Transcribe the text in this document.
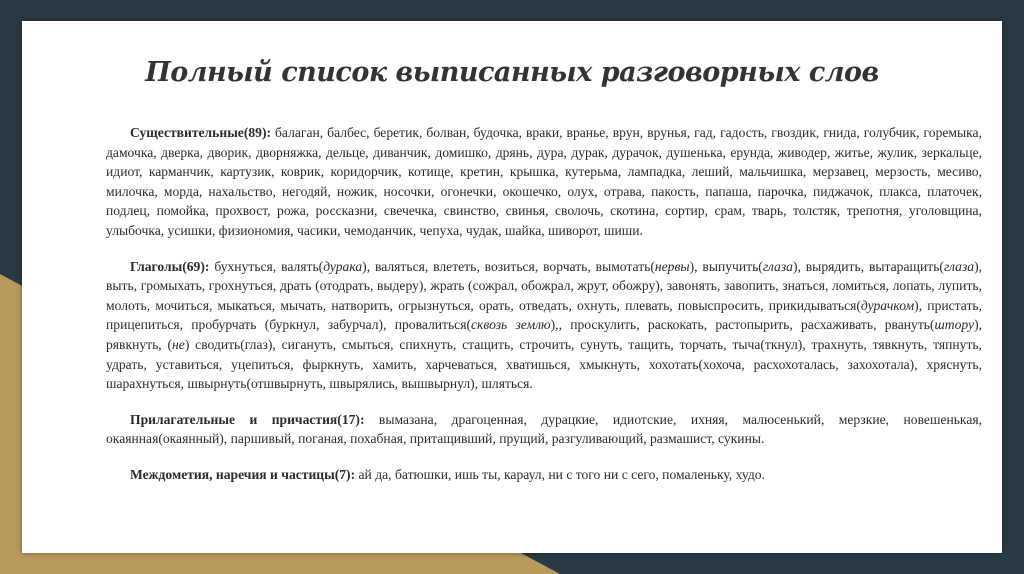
Полный список выписанных разговорных слов

Существительные(89): балаган, балбес, беретик, болван, будочка, враки, вранье, врун, врунья, гад, гадость, гвоздик, гнида, голубчик, горемыка, дамочка, дверка, дворик, дворняжка, дельце, диванчик, домишко, дрянь, дура, дурак, дурачок, душенька, ерунда, живодер, житье, жулик, зеркальце, идиот, карманчик, картузик, коврик, коридорчик, котище, кретин, крышка, кутерьма, лампадка, леший, мальчишка, мерзавец, мерзость, месиво, милочка, морда, нахальство, негодяй, ножик, носочки, огонечки, окошечко, олух, отрава, пакость, папаша, парочка, пиджачок, плакса, платочек, подлец, помойка, прохвост, рожа, россказни, свечечка, свинство, свинья, сволочь, скотина, сортир, срам, тварь, толстяк, трепотня, уголовщина, улыбочка, усишки, физиономия, часики, чемоданчик, чепуха, чудак, шайка, шиворот, шиши.

Глаголы(69): бухнуться, валять(дурака), валяться, влететь, возиться, ворчать, вымотать(нервы), выпучить(глаза), вырядить, вытаращить(глаза), выть, громыхать, грохнуться, драть (отодрать, выдеру), жрать (сожрал, обожрал, жрут, обожру), завонять, завопить, знаться, ломиться, лопать, лупить, молоть, мочиться, мыкаться, мычать, натворить, огрызнуться, орать, отведать, охнуть, плевать, повыспросить, прикидываться(дурачком), пристать, прицепиться, пробурчать (буркнул, забурчал), провалиться(сквозь землю),, проскулить, раскокать, растопырить, расхаживать, рвануть(штору), рявкнуть, (не) сводить(глаз), сигануть, смыться, спихнуть, стащить, строчить, сунуть, тащить, торчать, тыча(ткнул), трахнуть, тявкнуть, тяпнуть, удрать, уставиться, уцепиться, фыркнуть, хамить, харчеваться, хватишься, хмыкнуть, хохотать(хохоча, расхохоталась, захохотала), хряснуть, шарахнуться, швырнуть(отшвырнуть, швырялись, вышвырнул), шляться.

Прилагательные и причастия(17): вымазана, драгоценная, дурацкие, идиотские, ихняя, малюсенький, мерзкие, новешенькая, окаянная(окаянный), паршивый, поганая, похабная, притащивший, прущий, разгуливающий, размашист, сукины.

Междометия, наречия и частицы(7): ай да, батюшки, ишь ты, караул, ни с того ни с сего, помаленьку, худо.
